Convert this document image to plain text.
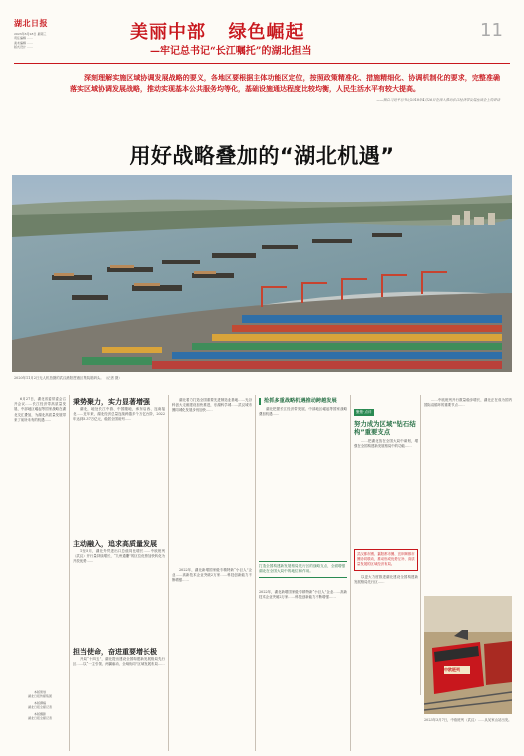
湖北日报
2023年6月28日 星期三
责任编辑 ……
美术编辑 ……
版式设计 ……
美丽中部 绿色崛起
—牢记总书记“长江嘱托”的湖北担当
11
深刻理解实施区域协调发展战略的要义，各地区要根据主体功能区定位，按照政策精准化、措施精细化、协调机制化的要求，完整准确落实区域协调发展战略，推动实现基本公共服务均等化，基础设施通达程度比较均衡，人民生活水平有较大提高。
——摘自习近平总书记2018年4月26日在深入推动长江经济带发展座谈会上的讲话
用好战略叠加的“湖北机遇”
2020年11月2日无人机拍摄的武汉港阳逻港区集装箱码头。（记者 摄）
6月27日，湖北省委常委会召开会议……长江经济带高质量发展、中部地区崛起等国家战略在湖北交汇叠加，为湖北高质量发展带来了前所未有的机遇……
本版策划
湖北日报传媒集团
本版撰稿
湖北日报全媒记者
本版摄影
湖北日报全媒记者
秉势聚力，实力显著增强
湖北，地处长江中游、中国腹地，承东启西、连南接北……近年来，湖北经济总量连续跨越多个万亿台阶，2022年达到5.37万亿元，稳居全国前列……
主动融入，追求高质量发展
1至5月，湖北外贸进出口总值同比增长……中欧班列（武汉）开行量持续增长，“九州通衢”的区位优势加快转化为开放优势……
担当使命，奋进重要增长极
开局“十四五”，湖北提出建设全国构建新发展格局先行区……以“一主引领、两翼驱动、全域协同”区域发展布局……
湖北着力打造全国重要先进制造业基地……光谷科创大走廊建设加快推进，东湖科学城……武汉城市圈同城化发展步伐加快……
2022年，湖北新增国家级专精特新“小巨人”企业……高新技术企业突破2万家……科技创新能力不断增强……
抢抓多重战略机遇推动跨越发展
湖北把握长江经济带发展、中部地区崛起等国家战略叠加机遇……
打造全国构建新发展格局先行区的战略支点，全面增强湖北在全国大局中的地位和作用。
2022年，湖北新增国家级专精特新“小巨人”企业……高新技术企业突破2万家……科技创新能力不断增强……
聚焦·点评
努力成为区域“钻石结构”重要支点
……把湖北放在全国大局中谋划，增强在全国构建新发展格局中的功能……
武汉都市圈、襄阳都市圈、宜荆荆都市圈协同联动，推动形成优势互补、高质量发展的区域经济布局。
以更大力度推进湖北建设全国构建新发展格局先行区……
……中欧班列开行数量稳步增长，湖北正在成为国内国际双循环的重要节点……
中欧班列
2023年3月7日，中欧班列（武汉）……从吴家山站出发。
